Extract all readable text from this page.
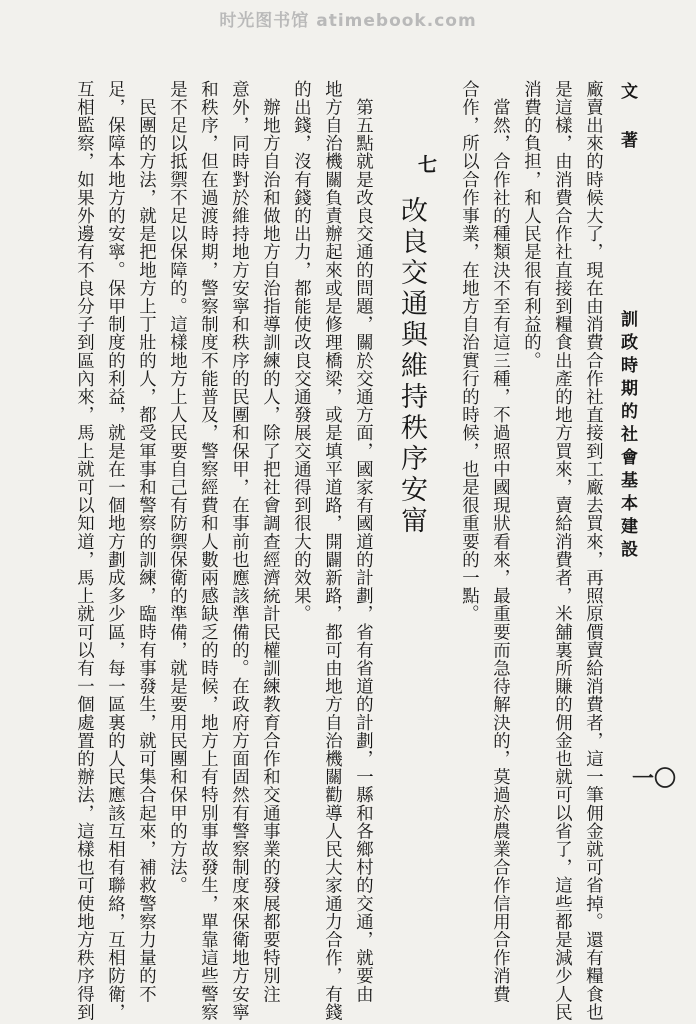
时光图书馆 atimebook.com
一〇
文 著 訓政時期的社會基本建設
廠賣出來的時候大了，現在由消費合作社直接到工廠去買來，再照原價賣給消費者，這一筆佣金就可省掉。還有糧食也
是這樣，由消費合作社直接到糧食出產的地方買來，賣給消費者，米舖裏所賺的佣金也就可以省了，這些都是減少人民
消費的負担，和人民是很有利益的。
　當然，合作社的種類決不至有這三種，不過照中國現狀看來，最重要而急待解決的，莫過於農業合作信用合作消費
合作，所以合作事業，在地方自治實行的時候，也是很重要的一點。
七
改良交通與維持秩序安甯
　第五點就是改良交通的問題，關於交通方面，國家有國道的計劃，省有省道的計劃，一縣和各鄉村的交通，就要由
地方自治機關負責辦起來或是修理橋梁，或是填平道路，開闢新路，都可由地方自治機關勸導人民大家通力合作，有錢
的出錢，沒有錢的出力，都能使改良交通發展交通得到很大的效果。
　辦地方自治和做地方自治指導訓練的人，除了把社會調查經濟統計民權訓練教育合作和交通事業的發展都要特別注
意外，同時對於維持地方安寧和秩序的民團和保甲，在事前也應該準備的。在政府方面固然有警察制度來保衛地方安寧
和秩序，但在過渡時期，警察制度不能普及，警察經費和人數兩感缺乏的時候，地方上有特別事故發生，單靠這些警察
是不足以抵禦不足以保障的。這樣地方上人民要自己有防禦保衛的準備，就是要用民團和保甲的方法。
　民團的方法，就是把地方上丁壯的人，都受軍事和警察的訓練，臨時有事發生，就可集合起來，補救警察力量的不
足，保障本地方的安寧。保甲制度的利益，就是在一個地方劃成多少區，每一區裏的人民應該互相有聯絡，互相防衛，
互相監察，如果外邊有不良分子到區內來，馬上就可以知道，馬上就可以有一個處置的辦法，這樣也可使地方秩序得到
